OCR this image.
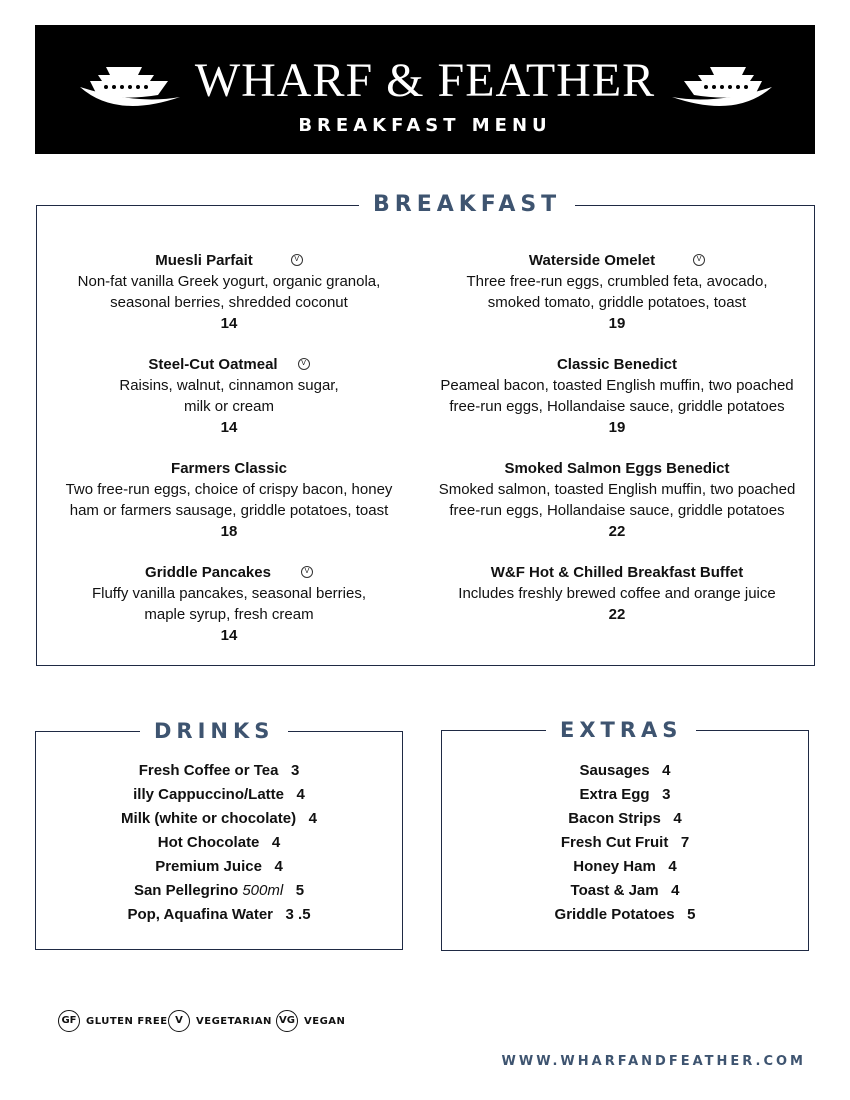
WHARF & FEATHER
BREAKFAST MENU
BREAKFAST
Muesli Parfait	V
Non-fat vanilla Greek yogurt, organic granola,
seasonal berries, shredded coconut
14
Steel-Cut Oatmeal	V
Raisins, walnut, cinnamon sugar,
milk or cream
14
Farmers Classic
Two free-run eggs, choice of crispy bacon, honey
ham or farmers sausage, griddle potatoes, toast
18
Griddle Pancakes	V
Fluffy vanilla pancakes, seasonal berries,
maple syrup, fresh cream
14
Waterside Omelet	V
Three free-run eggs, crumbled feta, avocado,
smoked tomato, griddle potatoes, toast
19
Classic Benedict
Peameal bacon, toasted English muffin, two poached
free-run eggs, Hollandaise sauce, griddle potatoes
19
Smoked Salmon Eggs Benedict
Smoked salmon, toasted English muffin, two poached
free-run eggs, Hollandaise sauce, griddle potatoes
22
W&F Hot & Chilled Breakfast Buffet
Includes freshly brewed coffee and orange juice
22
DRINKS
Fresh Coffee or Tea 3
illy Cappuccino/Latte 4
Milk (white or chocolate) 4
Hot Chocolate 4
Premium Juice 4
San Pellegrino 500ml 5
Pop, Aquafina Water 3 .5
EXTRAS
Sausages 4
Extra Egg 3
Bacon Strips 4
Fresh Cut Fruit 7
Honey Ham 4
Toast & Jam 4
Griddle Potatoes 5
GF GLUTEN FREE V VEGETARIAN VG VEGAN
WWW.WHARFANDFEATHER.COM
